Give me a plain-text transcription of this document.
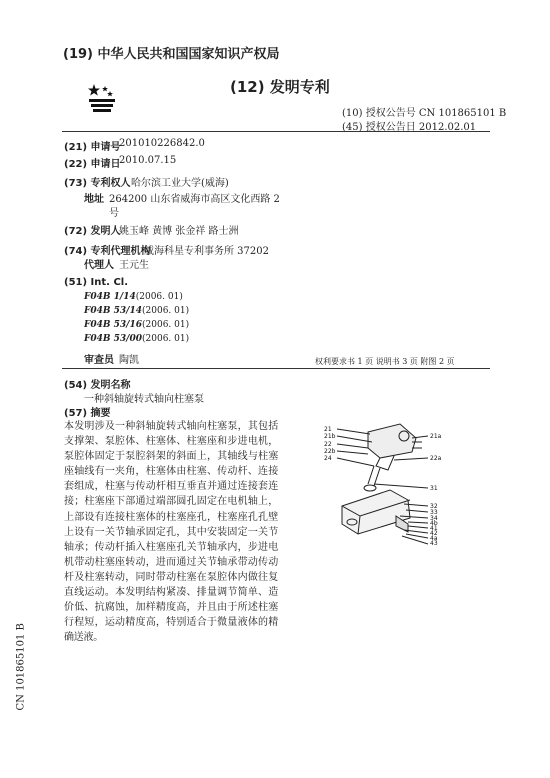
(19) 中华人民共和国国家知识产权局
(12) 发明专利
(10) 授权公告号 CN 101865101 B
(45) 授权公告日 2012.02.01
(21) 申请号
201010226842.0
(22) 申请日
2010.07.15
(73) 专利权人 哈尔滨工业大学(威海)
地址 264200 山东省威海市高区文化西路 2
号
(72) 发明人
姚玉峰 黄博 张金祥 路士洲
(74) 专利代理机构
威海科星专利事务所 37202
代理人 王元生
(51) Int. Cl.
F04B 1/14(2006. 01)
F04B 53/14(2006. 01)
F04B 53/16(2006. 01)
F04B 53/00(2006. 01)
审查员 陶凯	权利要求书 1 页 说明书 3 页 附图 2 页
(54) 发明名称
一种斜轴旋转式轴向柱塞泵
(57) 摘要
本发明涉及一种斜轴旋转式轴向柱塞泵，其包括支撑架、泵腔体、柱塞体、柱塞座和步进电机，泵腔体固定于泵腔斜架的斜面上，其轴线与柱塞座轴线有一夹角，柱塞体由柱塞、传动杆、连接套组成，柱塞与传动杆相互垂直并通过连接套连接；柱塞座下部通过端部圆孔固定在电机轴上，上部设有连接柱塞体的柱塞座孔，柱塞座孔孔壁上设有一关节轴承固定孔，其中安装固定一关节轴承；传动杆插入柱塞座孔关节轴承内，步进电机带动柱塞座转动，进而通过关节轴承带动传动杆及柱塞转动，同时带动柱塞在泵腔体内做往复直线运动。本发明结构紧凑、排量调节简单、造价低、抗腐蚀，加样精度高，并且由于所述柱塞行程短，运动精度高，特别适合于微量液体的精确送液。
21
21b
22
22b
24
21a
22a
31
32
33
34
4b
41
42
4a
43
CN 101865101 B
